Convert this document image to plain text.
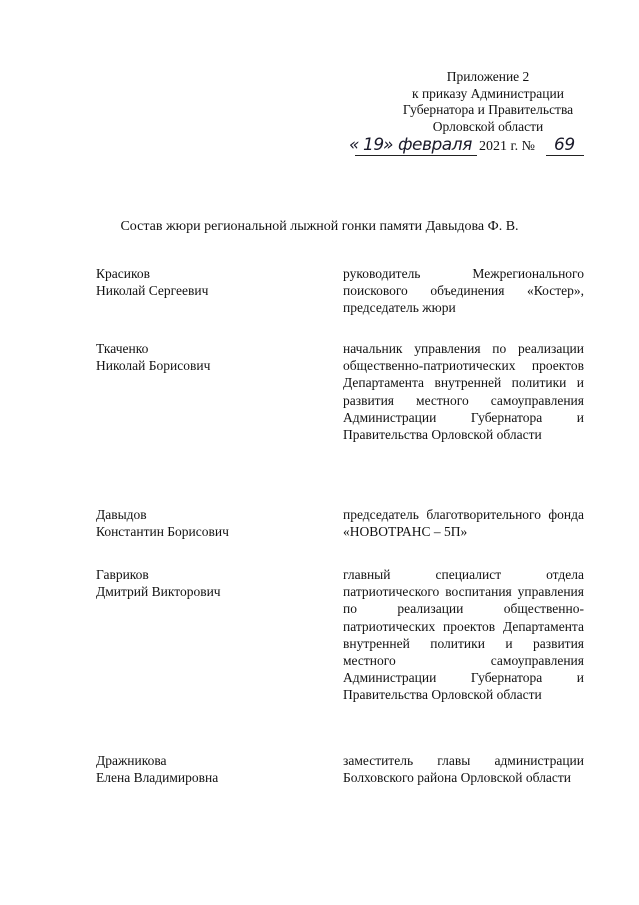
Приложение 2
к приказу Администрации
Губернатора и Правительства
Орловской области
« 19 » февраля 2021 г. № 69
Состав жюри региональной лыжной гонки памяти Давыдова Ф. В.
Красиков
Николай Сергеевич
руководитель Межрегионального поискового объединения «Костер», председатель жюри
Ткаченко
Николай Борисович
начальник управления по реализации общественно-патриотических проектов Департамента внутренней политики и развития местного самоуправления Администрации Губернатора и Правительства Орловской области
Давыдов
Константин Борисович
председатель благотворительного фонда «НОВОТРАНС – 5П»
Гавриков
Дмитрий Викторович
главный специалист отдела патриотического воспитания управления по реализации общественно-патриотических проектов Департамента внутренней политики и развития местного самоуправления Администрации Губернатора и Правительства Орловской области
Дражникова
Елена Владимировна
заместитель главы администрации Болховского района Орловской области
